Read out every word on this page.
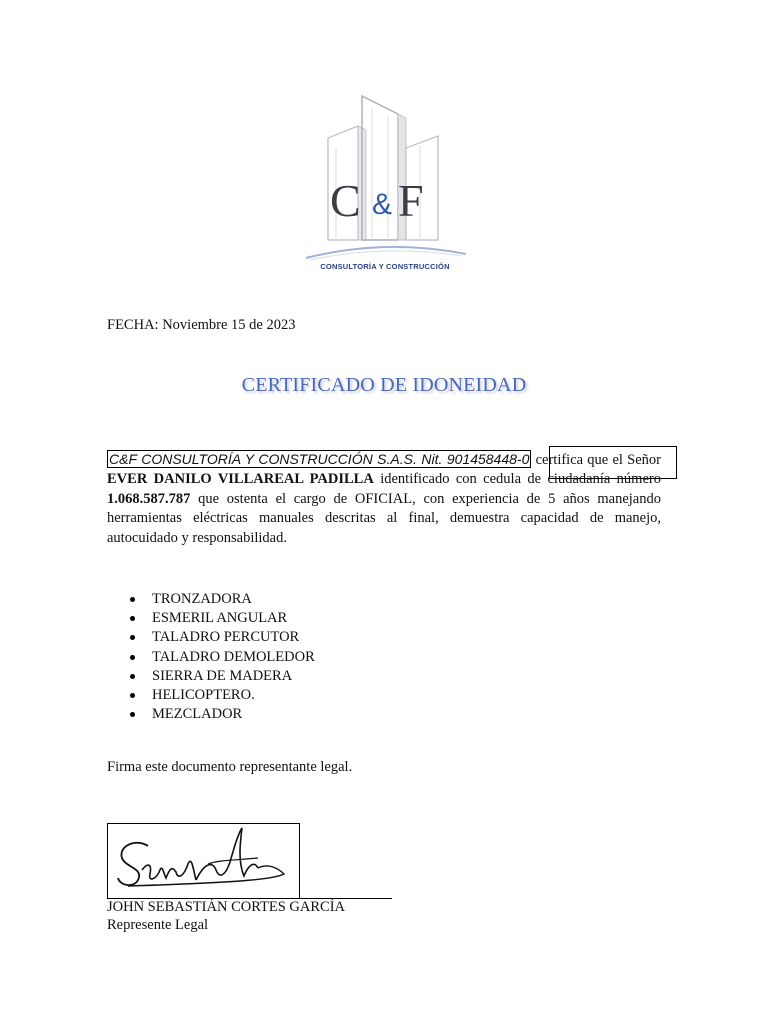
C & F
CONSULTORÍA Y CONSTRUCCIÓN
FECHA: Noviembre 15 de 2023
CERTIFICADO DE IDONEIDAD
C&F CONSULTORÍA Y CONSTRUCCIÓN S.A.S. Nit. 901458448-0 certifica que el Señor EVER DANILO VILLAREAL PADILLA identificado con cedula de ciudadanía número 1.068.587.787 que ostenta el cargo de OFICIAL, con experiencia de 5 años manejando herramientas eléctricas manuales descritas al final, demuestra capacidad de manejo, autocuidado y responsabilidad.
TRONZADORA
ESMERIL ANGULAR
TALADRO PERCUTOR
TALADRO DEMOLEDOR
SIERRA DE MADERA
HELICOPTERO.
MEZCLADOR
Firma este documento representante legal.
JOHN SEBASTIÁN CORTES GARCÍA
Represente Legal
